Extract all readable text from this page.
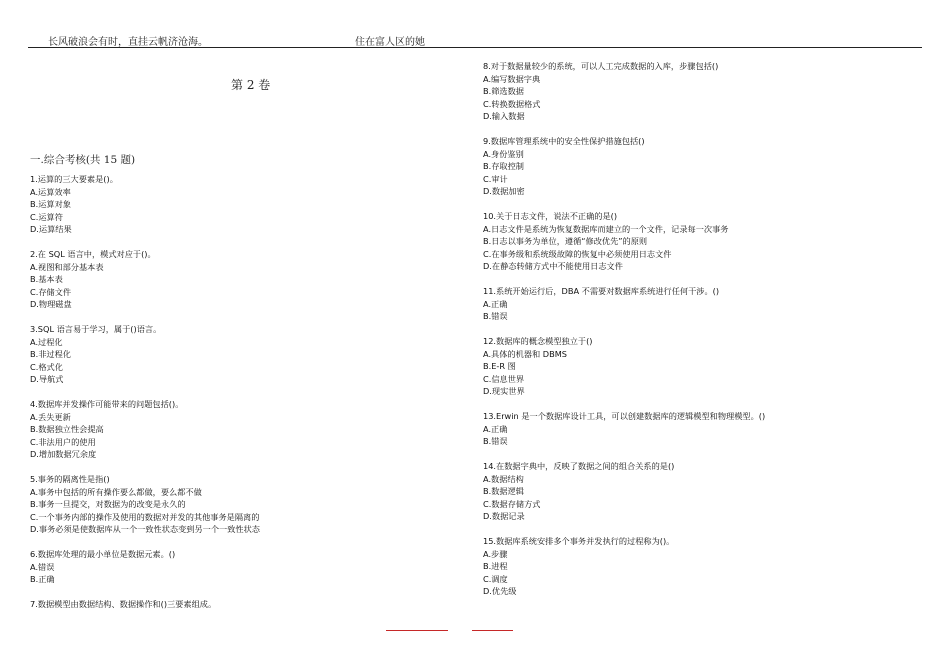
长风破浪会有时，直挂云帆济沧海。	住在富人区的她
第 2 卷
一.综合考核(共 15 题)
1.运算的三大要素是()。
A.运算效率
B.运算对象
C.运算符
D.运算结果
2.在 SQL 语言中，模式对应于()。
A.视图和部分基本表
B.基本表
C.存储文件
D.物理磁盘
3.SQL 语言易于学习，属于()语言。
A.过程化
B.非过程化
C.格式化
D.导航式
4.数据库并发操作可能带来的问题包括()。
A.丢失更新
B.数据独立性会提高
C.非法用户的使用
D.增加数据冗余度
5.事务的隔离性是指()
A.事务中包括的所有操作要么都做，要么都不做
B.事务一旦提交，对数据为的改变是永久的
C.一个事务内部的操作及使用的数据对并发的其他事务是隔离的
D.事务必须是使数据库从一个一致性状态变到另一个一致性状态
6.数据库处理的最小单位是数据元素。()
A.错误
B.正确
7.数据模型由数据结构、数据操作和()三要素组成。
8.对于数据量较少的系统，可以人工完成数据的入库，步骤包括()
A.编写数据字典
B.筛选数据
C.转换数据格式
D.输入数据
9.数据库管理系统中的安全性保护措施包括()
A.身份鉴别
B.存取控制
C.审计
D.数据加密
10.关于日志文件，说法不正确的是()
A.日志文件是系统为恢复数据库而建立的一个文件，记录每一次事务
B.日志以事务为单位，遵循“修改优先”的原则
C.在事务级和系统级故障的恢复中必须使用日志文件
D.在静态转储方式中不能使用日志文件
11.系统开始运行后，DBA 不需要对数据库系统进行任何干涉。()
A.正确
B.错误
12.数据库的概念模型独立于()
A.具体的机器和 DBMS
B.E-R 图
C.信息世界
D.现实世界
13.Erwin 是一个数据库设计工具，可以创建数据库的逻辑模型和物理模型。()
A.正确
B.错误
14.在数据字典中，反映了数据之间的组合关系的是()
A.数据结构
B.数据逻辑
C.数据存储方式
D.数据记录
15.数据库系统安排多个事务并发执行的过程称为()。
A.步骤
B.进程
C.调度
D.优先级
